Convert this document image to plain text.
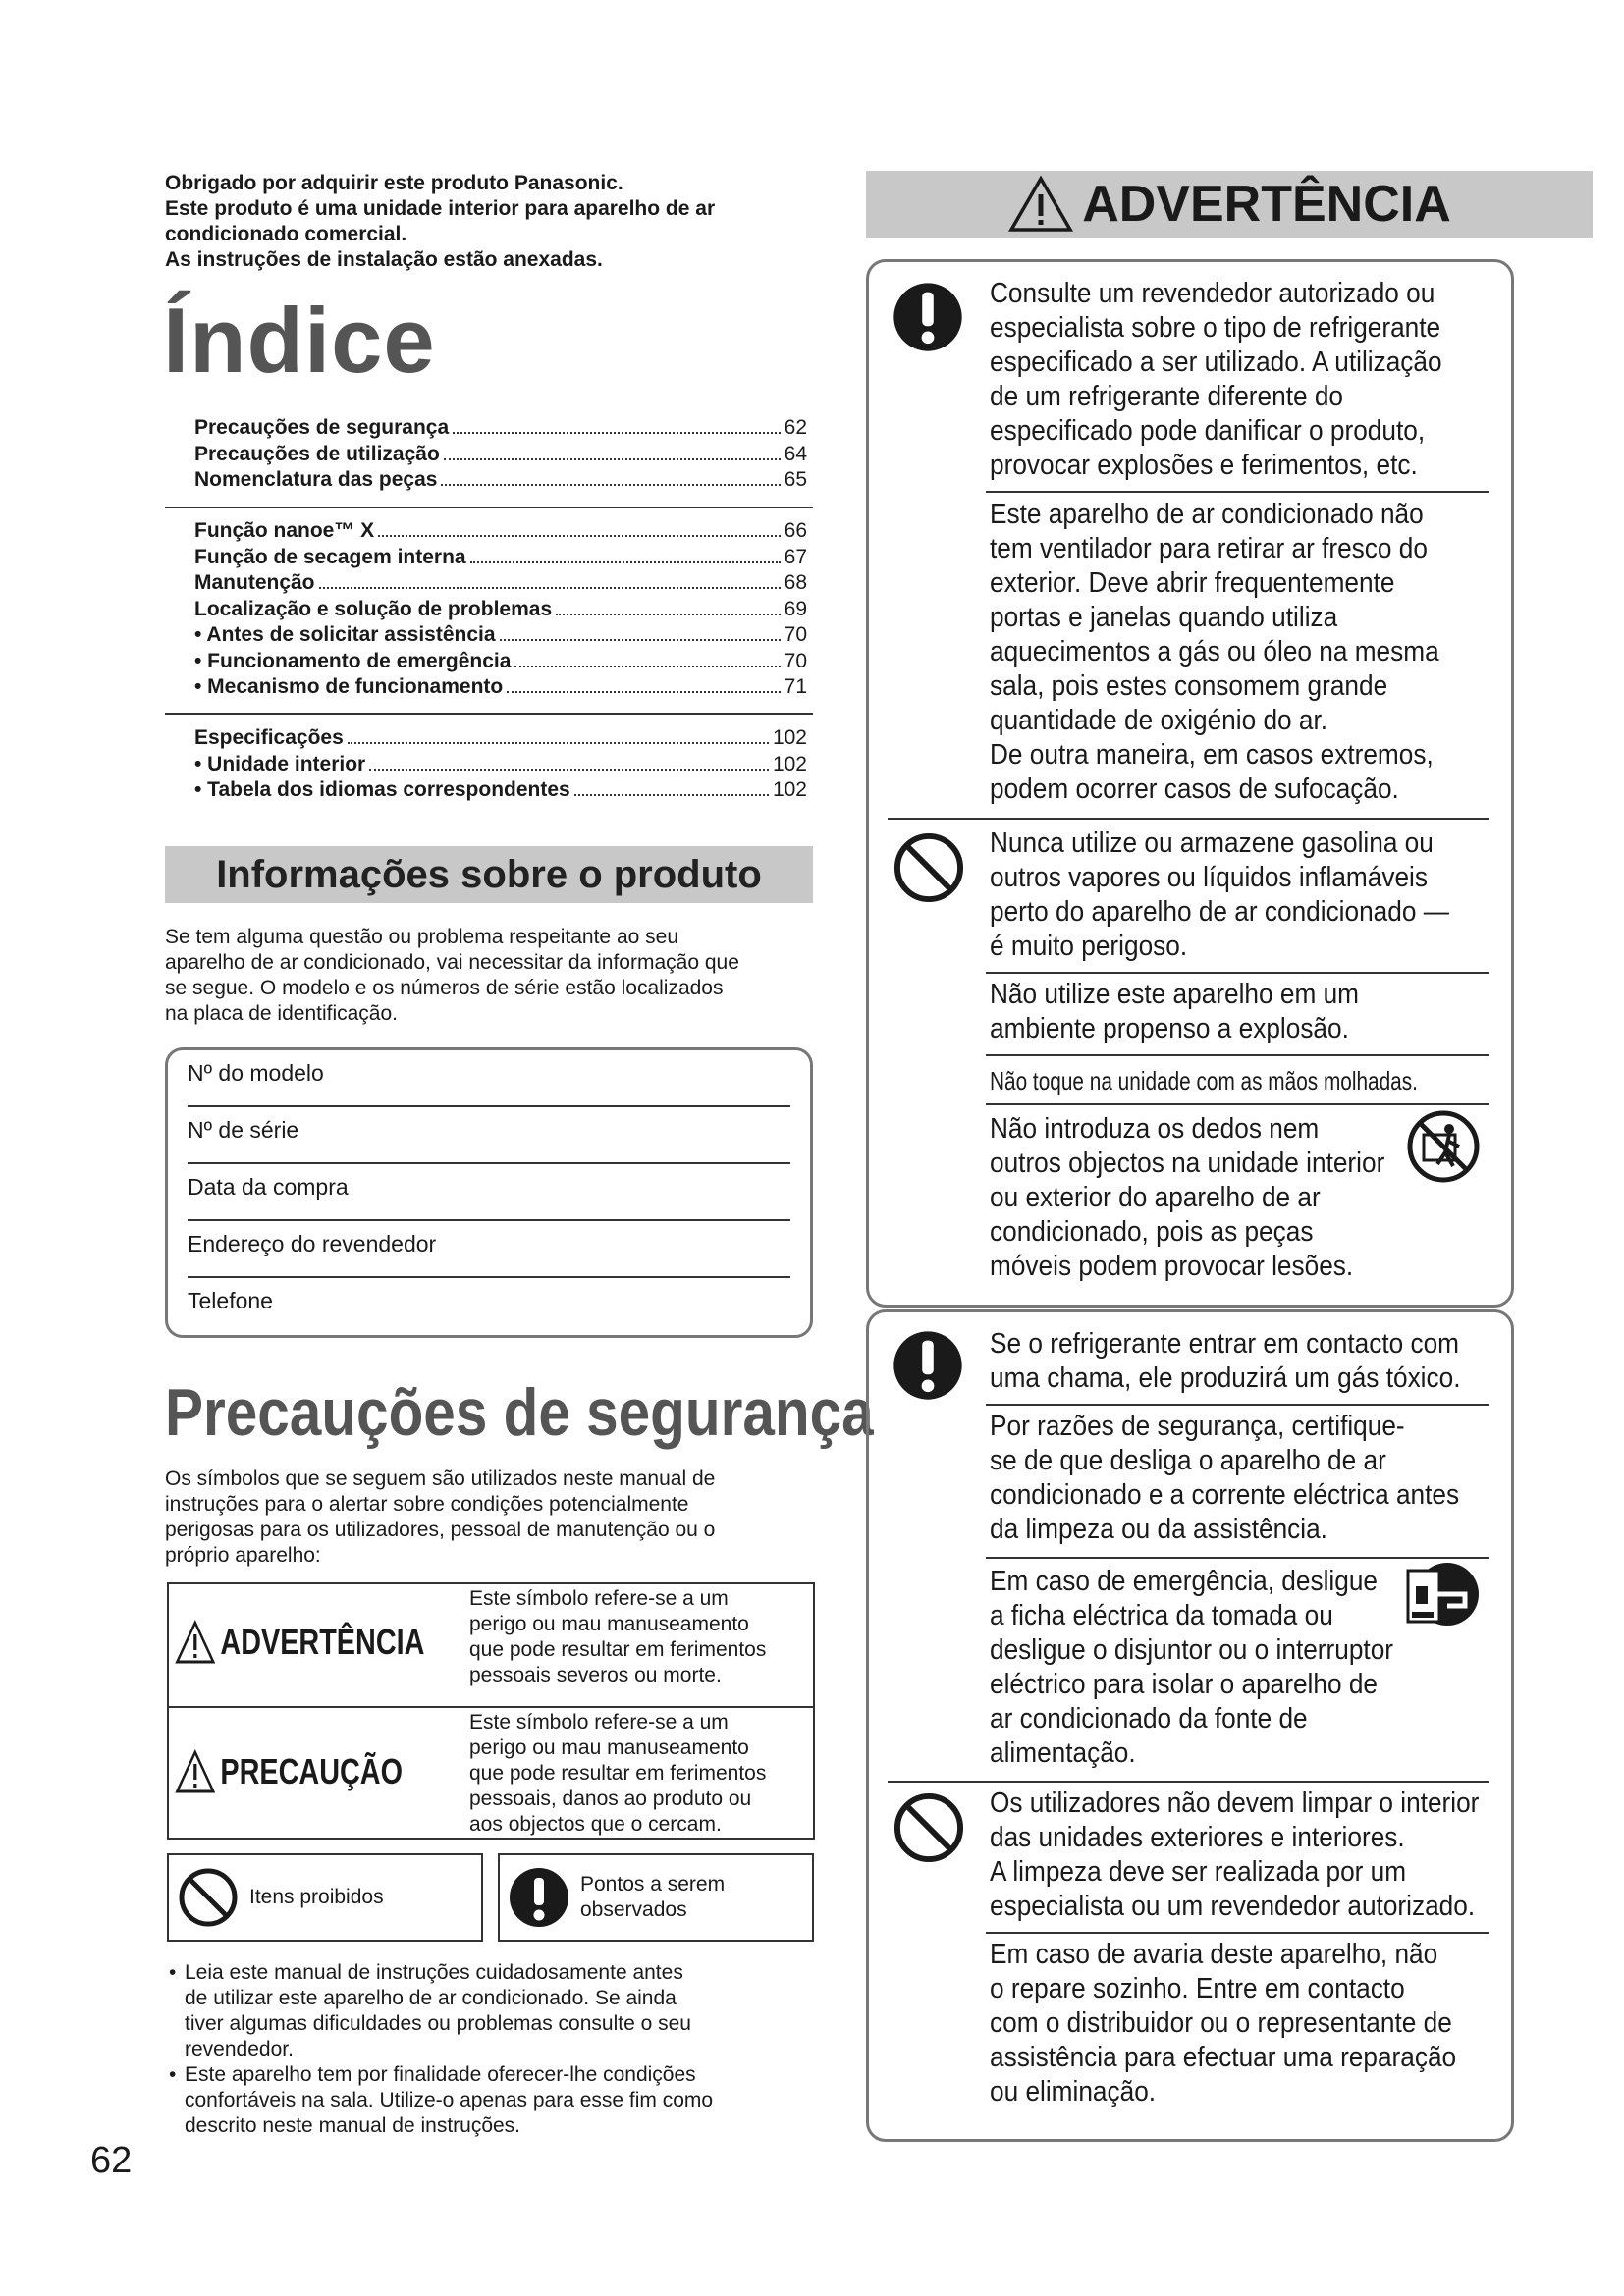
Obrigado por adquirir este produto Panasonic.
Este produto é uma unidade interior para aparelho de ar
condicionado comercial.
As instruções de instalação estão anexadas.
Índice
Precauções de segurança	62
Precauções de utilização	64
Nomenclatura das peças	65
Função nanoe™ X	66
Função de secagem interna	67
Manutenção	68
Localização e solução de problemas	69
• Antes de solicitar assistência	70
• Funcionamento de emergência	70
• Mecanismo de funcionamento	71
Especificações	102
• Unidade interior	102
• Tabela dos idiomas correspondentes	102
Informações sobre o produto
Se tem alguma questão ou problema respeitante ao seu
aparelho de ar condicionado, vai necessitar da informação que
se segue. O modelo e os números de série estão localizados
na placa de identificação.
Nº do modelo
Nº de série
Data da compra
Endereço do revendedor
Telefone
Precauções de segurança
Os símbolos que se seguem são utilizados neste manual de
instruções para o alertar sobre condições potencialmente
perigosas para os utilizadores, pessoal de manutenção ou o
próprio aparelho:
ADVERTÊNCIA
Este símbolo refere-se a um
perigo ou mau manuseamento
que pode resultar em ferimentos
pessoais severos ou morte.
PRECAUÇÃO
Este símbolo refere-se a um
perigo ou mau manuseamento
que pode resultar em ferimentos
pessoais, danos ao produto ou
aos objectos que o cercam.
Itens proibidos
Pontos a serem
observados
• Leia este manual de instruções cuidadosamente antes
de utilizar este aparelho de ar condicionado. Se ainda
tiver algumas dificuldades ou problemas consulte o seu
revendedor.
• Este aparelho tem por finalidade oferecer-lhe condições
confortáveis na sala. Utilize-o apenas para esse fim como
descrito neste manual de instruções.
62
ADVERTÊNCIA
Consulte um revendedor autorizado ou
especialista sobre o tipo de refrigerante
especificado a ser utilizado. A utilização
de um refrigerante diferente do
especificado pode danificar o produto,
provocar explosões e ferimentos, etc.
Este aparelho de ar condicionado não
tem ventilador para retirar ar fresco do
exterior. Deve abrir frequentemente
portas e janelas quando utiliza
aquecimentos a gás ou óleo na mesma
sala, pois estes consomem grande
quantidade de oxigénio do ar.
De outra maneira, em casos extremos,
podem ocorrer casos de sufocação.
Nunca utilize ou armazene gasolina ou
outros vapores ou líquidos inflamáveis
perto do aparelho de ar condicionado —
é muito perigoso.
Não utilize este aparelho em um
ambiente propenso a explosão.
Não toque na unidade com as mãos molhadas.
Não introduza os dedos nem
outros objectos na unidade interior
ou exterior do aparelho de ar
condicionado, pois as peças
móveis podem provocar lesões.
Se o refrigerante entrar em contacto com
uma chama, ele produzirá um gás tóxico.
Por razões de segurança, certifique-
se de que desliga o aparelho de ar
condicionado e a corrente eléctrica antes
da limpeza ou da assistência.
Em caso de emergência, desligue
a ficha eléctrica da tomada ou
desligue o disjuntor ou o interruptor
eléctrico para isolar o aparelho de
ar condicionado da fonte de
alimentação.
Os utilizadores não devem limpar o interior
das unidades exteriores e interiores.
A limpeza deve ser realizada por um
especialista ou um revendedor autorizado.
Em caso de avaria deste aparelho, não
o repare sozinho. Entre em contacto
com o distribuidor ou o representante de
assistência para efectuar uma reparação
ou eliminação.
